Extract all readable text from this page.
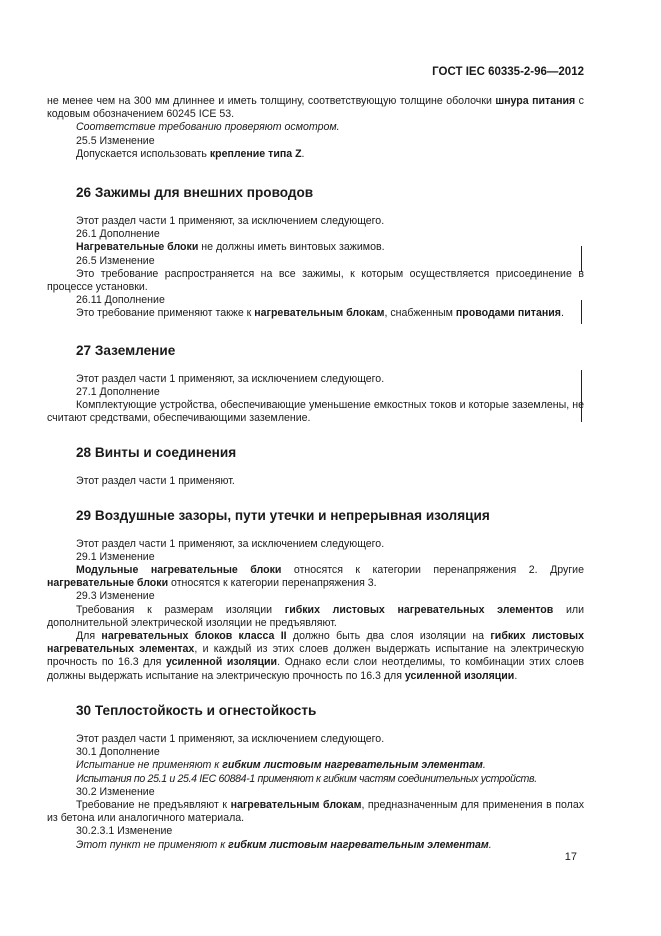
ГОСТ IEC 60335-2-96—2012

не менее чем на 300 мм длиннее и иметь толщину, соответствующую толщине оболочки шнура питания с кодовым обозначением 60245 ICE 53.

Соответствие требованию проверяют осмотром.

25.5 Изменение

Допускается использовать крепление типа Z.

26 Зажимы для внешних проводов

Этот раздел части 1 применяют, за исключением следующего.

26.1 Дополнение

Нагревательные блоки не должны иметь винтовых зажимов.

26.5 Изменение

Это требование распространяется на все зажимы, к которым осуществляется присоединение в процессе установки.

26.11 Дополнение

Это требование применяют также к нагревательным блокам, снабженным проводами питания.

27 Заземление

Этот раздел части 1 применяют, за исключением следующего.

27.1 Дополнение

Комплектующие устройства, обеспечивающие уменьшение емкостных токов и которые заземлены, не считают средствами, обеспечивающими заземление.

28 Винты и соединения

Этот раздел части 1 применяют.

29 Воздушные зазоры, пути утечки и непрерывная изоляция

Этот раздел части 1 применяют, за исключением следующего.

29.1 Изменение

Модульные нагревательные блоки относятся к категории перенапряжения 2. Другие нагревательные блоки относятся к категории перенапряжения 3.

29.3 Изменение

Требования к размерам изоляции гибких листовых нагревательных элементов или дополнительной электрической изоляции не предъявляют.

Для нагревательных блоков класса II должно быть два слоя изоляции на гибких листовых нагревательных элементах, и каждый из этих слоев должен выдержать испытание на электрическую прочность по 16.3 для усиленной изоляции. Однако если слои неотделимы, то комбинации этих слоев должны выдержать испытание на электрическую прочность по 16.3 для усиленной изоляции.

30 Теплостойкость и огнестойкость

Этот раздел части 1 применяют, за исключением следующего.

30.1 Дополнение

Испытание не применяют к гибким листовым нагревательным элементам.

Испытания по 25.1 и 25.4 IEC 60884-1 применяют к гибким частям соединительных устройств.

30.2 Изменение

Требование не предъявляют к нагревательным блокам, предназначенным для применения в полах из бетона или аналогичного материала.

30.2.3.1 Изменение

Этот пункт не применяют к гибким листовым нагревательным элементам.

17
